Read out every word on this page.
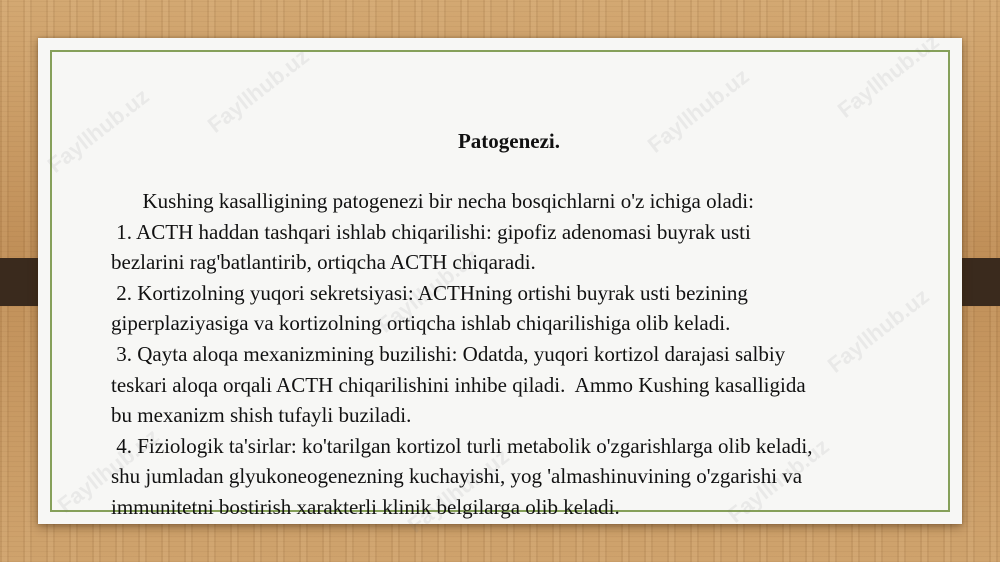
Fayllhub.uz Fayllhub.uz	Fayllhub.uz	Fayllhub.uz
Fayllhub.uz
Fayllhub.uz	Fayllhub.uz	Fayllhub.uz
Fayllhub.uz
Patogenezi.
Kushing kasalligining patogenezi bir necha bosqichlarni o'z ichiga oladi:
1. ACTH haddan tashqari ishlab chiqarilishi: gipofiz adenomasi buyrak usti
bezlarini rag'batlantirib, ortiqcha ACTH chiqaradi.
2. Kortizolning yuqori sekretsiyasi: ACTHning ortishi buyrak usti bezining
giperplaziyasiga va kortizolning ortiqcha ishlab chiqarilishiga olib keladi.
3. Qayta aloqa mexanizmining buzilishi: Odatda, yuqori kortizol darajasi salbiy
teskari aloqa orqali ACTH chiqarilishini inhibe qiladi.  Ammo Kushing kasalligida
bu mexanizm shish tufayli buziladi.
4. Fiziologik ta'sirlar: ko'tarilgan kortizol turli metabolik o'zgarishlarga olib keladi,
shu jumladan glyukoneogenezning kuchayishi, yog 'almashinuvining o'zgarishi va
immunitetni bostirish xarakterli klinik belgilarga olib keladi.
